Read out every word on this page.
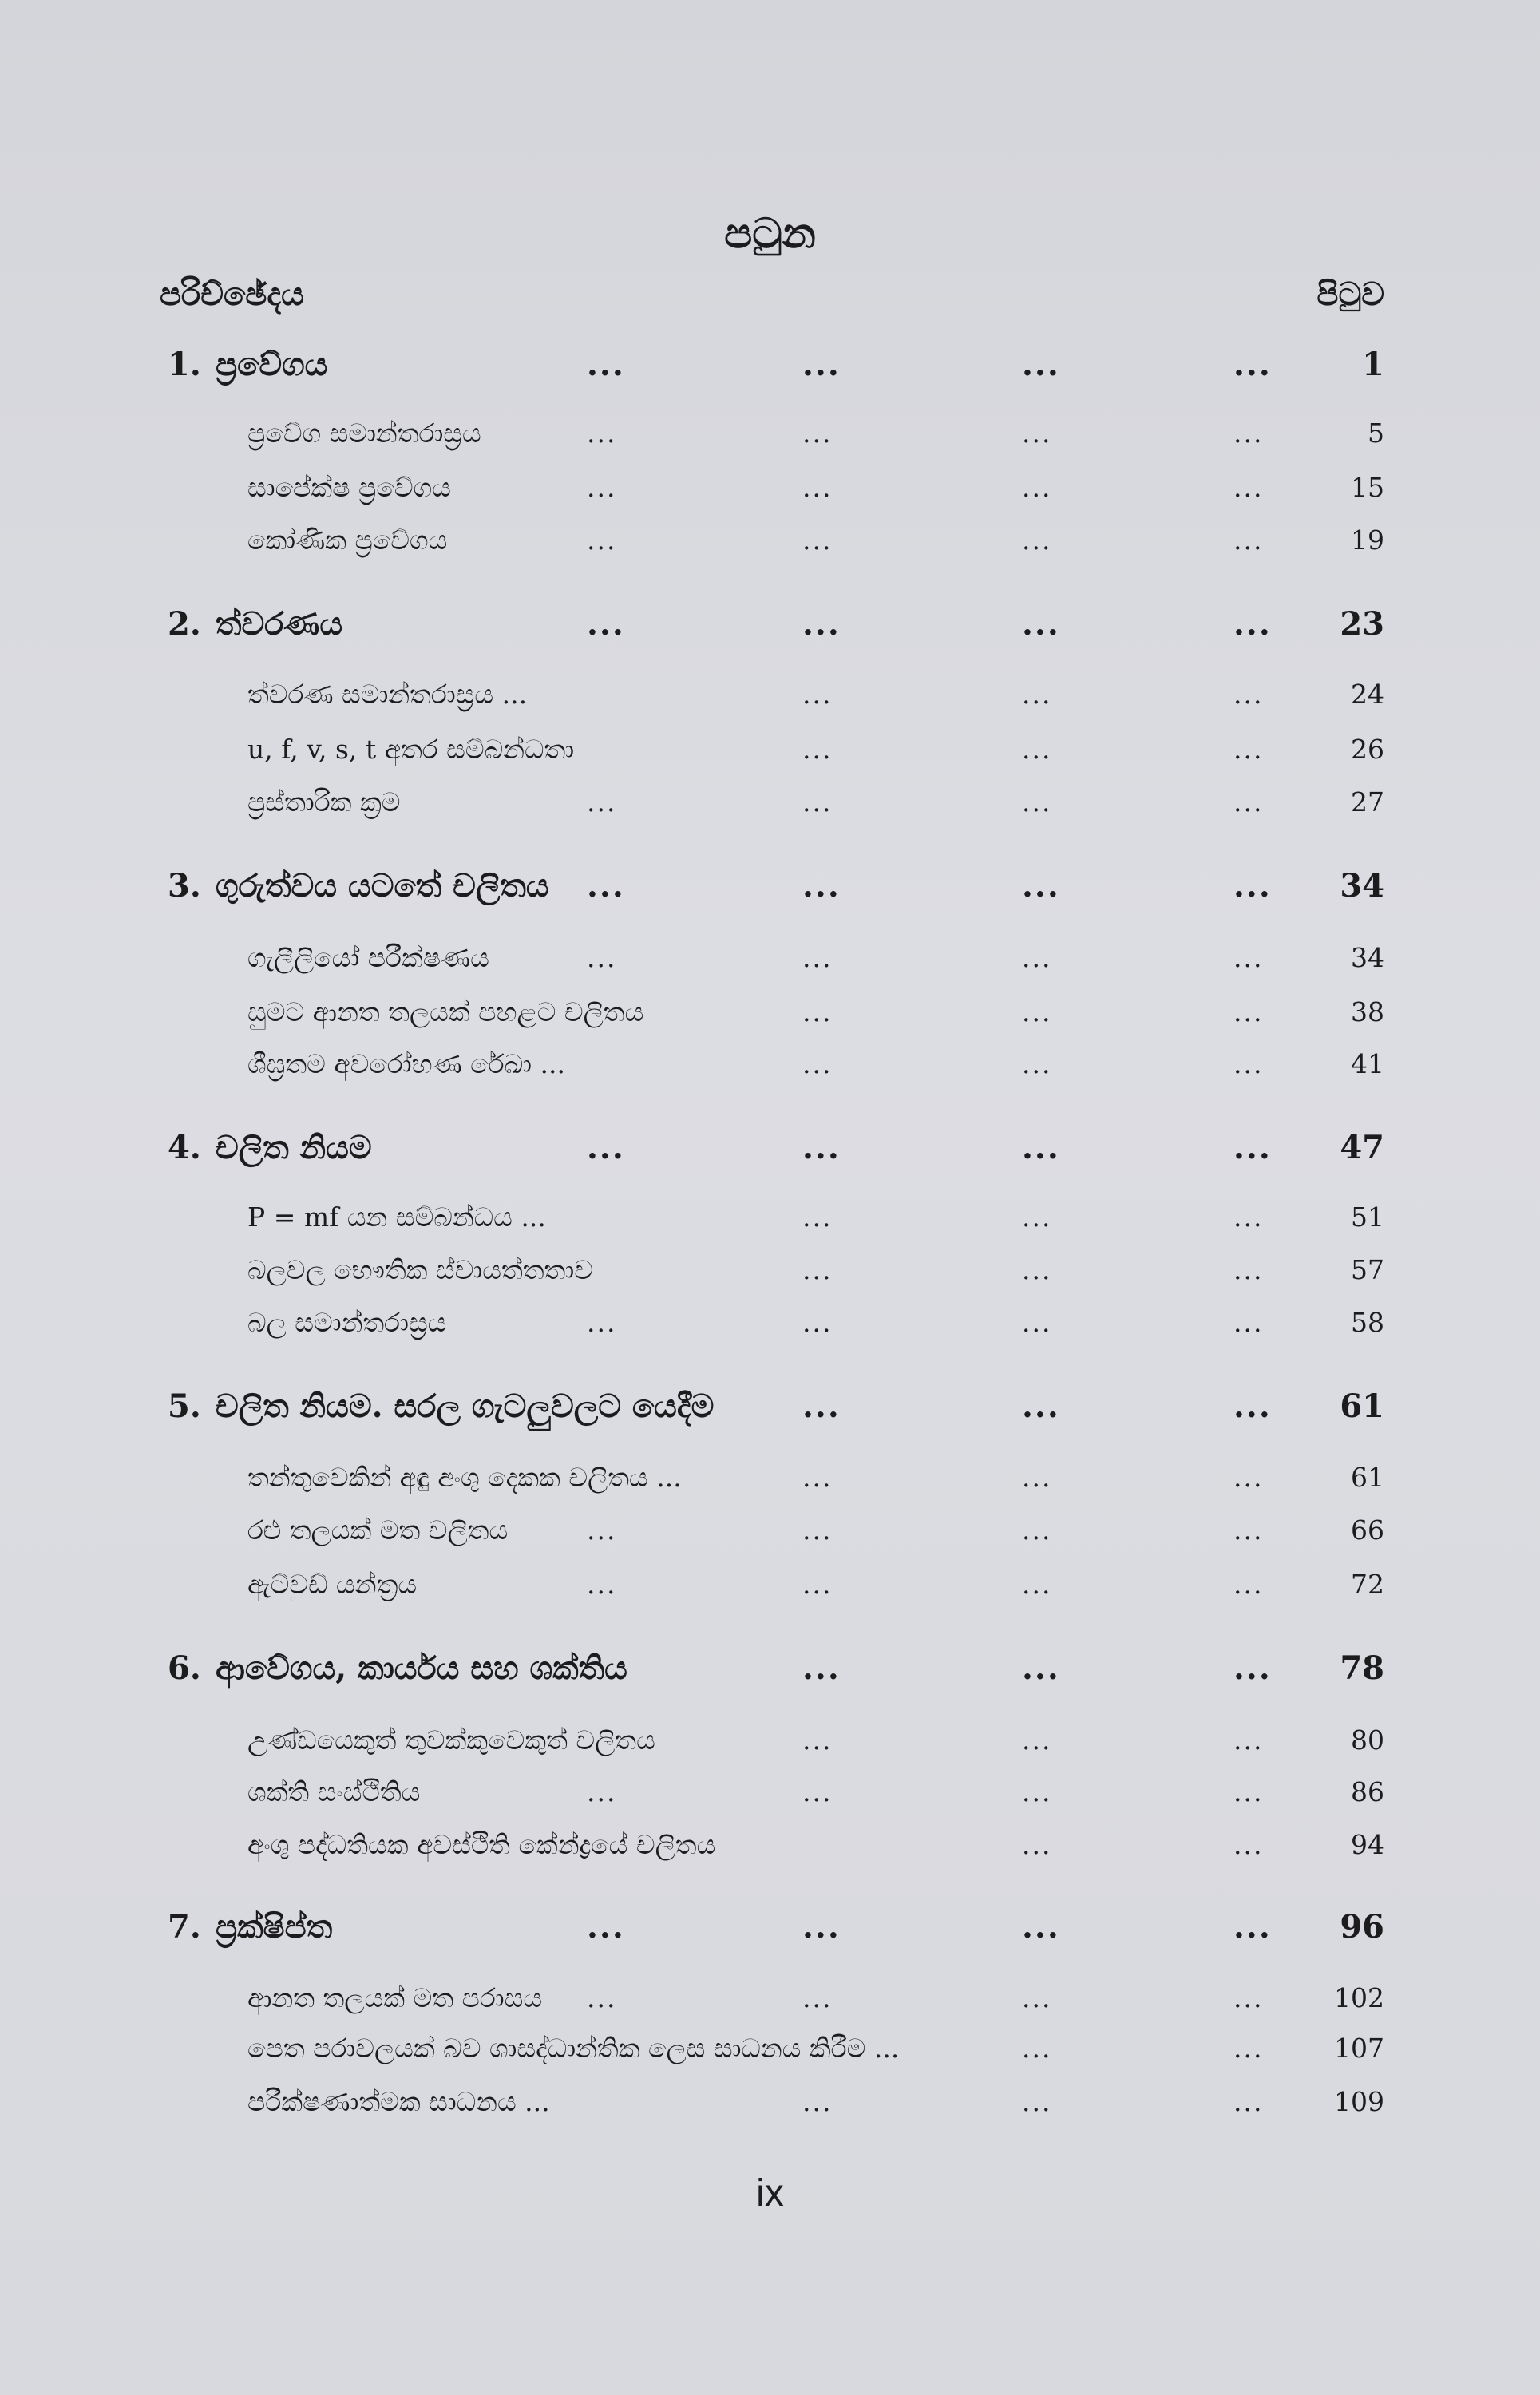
පටුන
පරිච්ඡේදය	පිටුව
1. ප්‍රවේගය	...	...	...	...	1
ප්‍රවේග සමාන්තරාස්‍රය	...	...	...	...	5
සාපේක්ෂ ප්‍රවේගය	...	...	...	...	15
කෝණික ප්‍රවේගය	...	...	...	...	19
2. ත්වරණය	...	...	...	... 23
ත්වරණ සමාන්තරාස්‍රය ...	...	...	...	24
u, f, v, s, t අතර සම්බන්ධතා	...	...	...	26
ප්‍රස්තාරික ක්‍රම	...	...	...	...	27
3. ගුරුත්වය යටතේ චලිතය ...	...	...	... 34
ගැලීලියෝ පරීක්ෂණය	...	...	...	...	34
සුමට ආනත තලයක් පහළට චලිතය	...	...	...	38
ශීඝ්‍රතම අවරෝහණ රේඛා ...	...	...	...	41
4. චලිත නියම	...	...	...	... 47
P = mf යන සම්බන්ධය ...	...	...	...	51
බලවල භෞතික ස්වායත්තතාව	...	...	...	57
බල සමාන්තරාස්‍රය	...	...	...	...	58
5. චලිත නියම. සරල ගැටලුවලට යෙදීම	...	...	... 61
තන්තුවෙකින් අඳු අංශු දෙකක චලිතය ...	...	...	...	61
රළු තලයක් මත චලිතය	...	...	...	...	66
ඇට්වුඩ් යන්ත්‍රය	...	...	...	...	72
6. ආවේගය, කාර්යය සහ ශක්තිය	...	...	... 78
උණ්ඩයෙකුත් තුවක්කුවෙකුත් චලිතය	...	...	...	80
ශක්ති සංස්ථිතිය	...	...	...	...	86
අංශු පද්ධතියක අවස්ථිති කේන්ද්‍රයේ චලිතය	...	...	94
7. ප්‍රක්ෂිප්ත	...	...	...	... 96
ආනත තලයක් මත පරාසය ...	...	...	...	102
පෙත පරාවලයක් බව ශාසද්ධාන්තික ලෙස සාධනය කිරීම ...	...	...	107
පරීක්ෂණාත්මක සාධනය ...	...	...	...	109
ix
